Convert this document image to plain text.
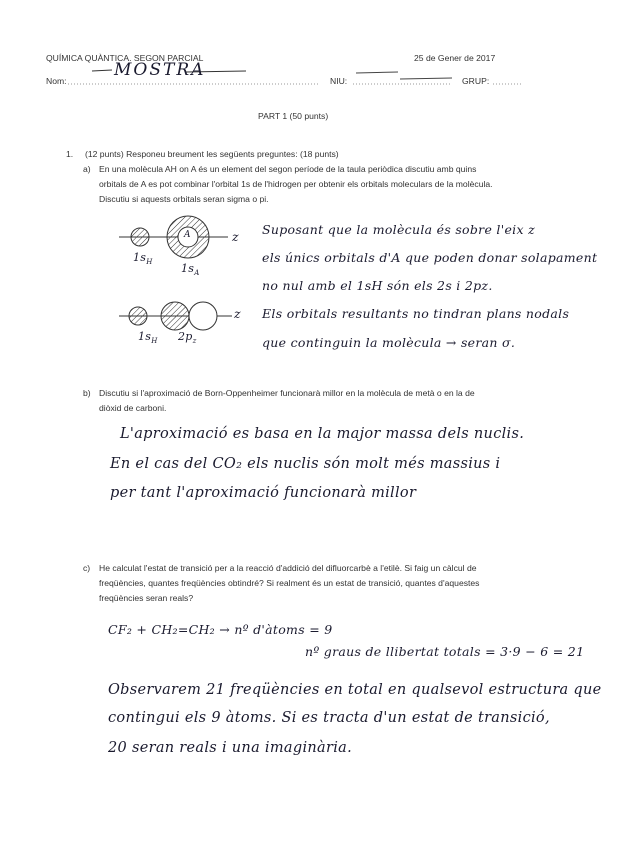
QUÍMICA QUÀNTICA. SEGON PARCIAL	25 de Gener de 2017
Nom:
MOSTRA
NIU:	GRUP:
PART 1 (50 punts)
1. (12 punts) Responeu breument les següents preguntes: (18 punts)
a) En una molècula AH on A és un element del segon període de la taula periòdica discutiu amb quins
orbitals de A es pot combinar l'orbital 1s de l'hidrogen per obtenir els orbitals moleculars de la molècula.
Discutiu si aquests orbitals seran sigma o pi.
z
A
$1s_H$	$1s_A$
z
$1s_H$ $2p_z$
Suposant que la molècula és sobre l'eix z
els únics orbitals d'A que poden donar solapament
no nul amb el 1sH són els 2s i 2pz.
Els orbitals resultants no tindran plans nodals
que continguin la molècula → seran σ.
b) Discutiu si l'aproximació de Born-Oppenheimer funcionarà millor en la molècula de metà o en la de
diòxid de carboni.
L'aproximació es basa en la major massa dels nuclis.
En el cas del CO₂ els nuclis són molt més massius i
per tant l'aproximació funcionarà millor
c) He calculat l'estat de transició per a la reacció d'addició del difluorcarbè a l'etilè. Si faig un càlcul de
freqüències, quantes freqüències obtindré? Si realment és un estat de transició, quantes d'aquestes
freqüències seran reals?
CF₂ + CH₂=CH₂ → nº d'àtoms = 9
nº graus de llibertat totals = 3·9 − 6 = 21
Observarem 21 freqüències en total en qualsevol estructura que
contingui els 9 àtoms. Si es tracta d'un estat de transició,
20 seran reals i una imaginària.
